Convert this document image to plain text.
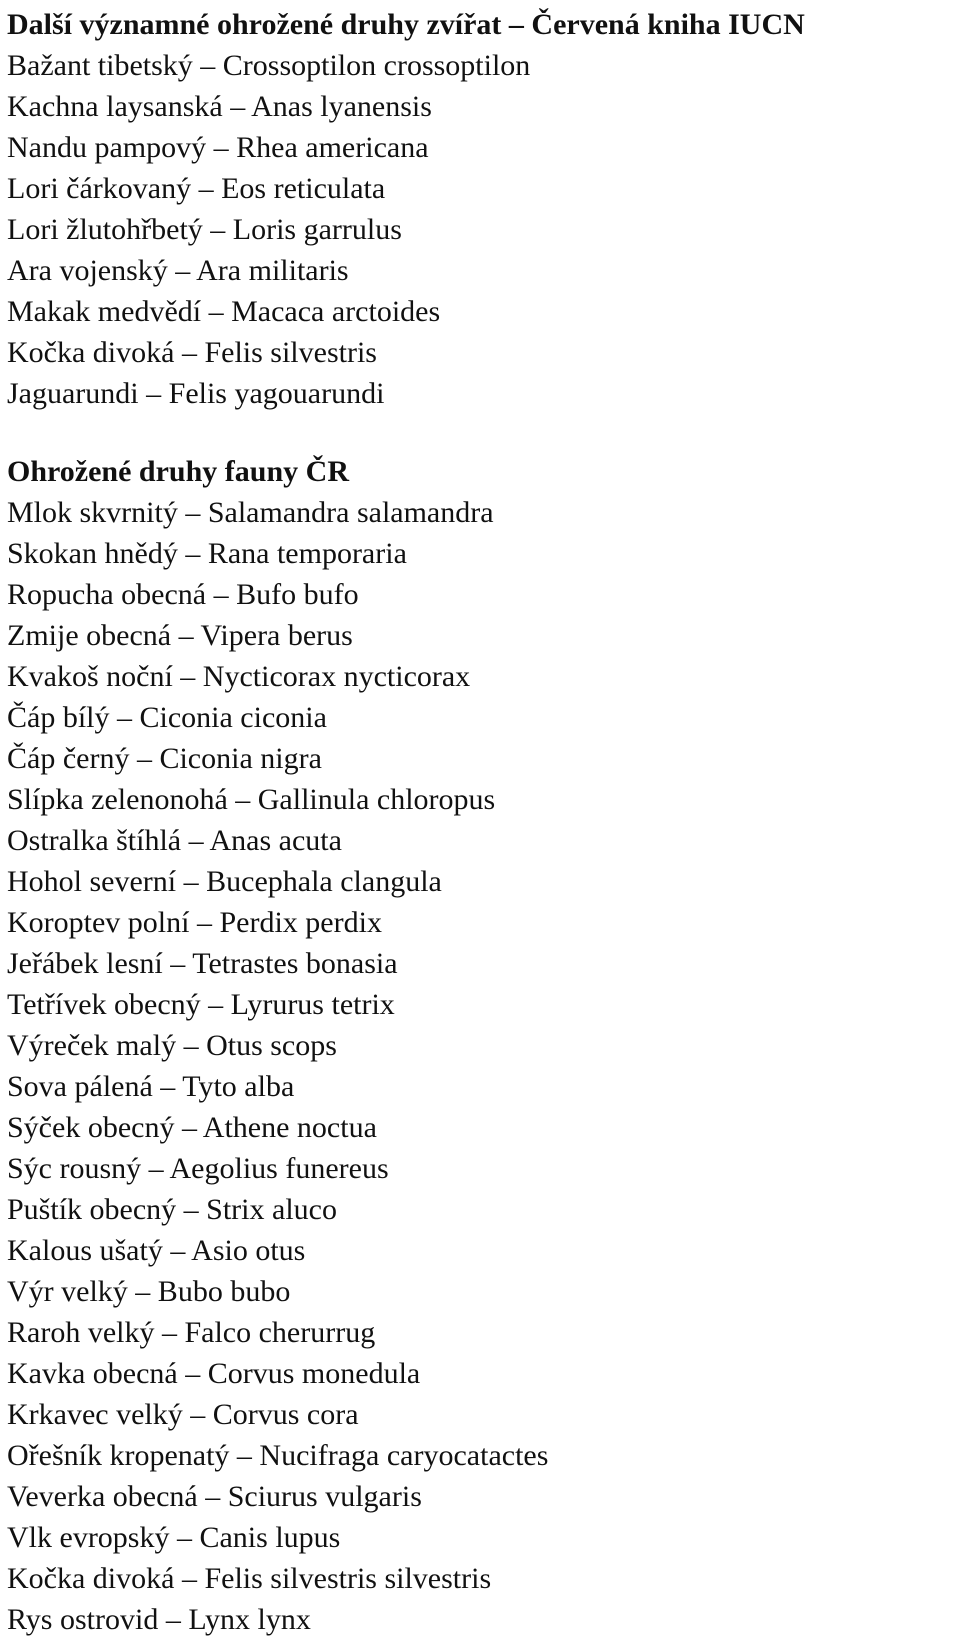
Další významné ohrožené druhy zvířat – Červená kniha IUCN
Bažant tibetský – Crossoptilon crossoptilon
Kachna laysanská – Anas lyanensis
Nandu pampový – Rhea americana
Lori čárkovaný – Eos reticulata
Lori žlutohřbetý – Loris garrulus
Ara vojenský – Ara militaris
Makak medvědí – Macaca arctoides
Kočka divoká – Felis silvestris
Jaguarundi – Felis yagouarundi
Ohrožené druhy fauny ČR
Mlok skvrnitý – Salamandra salamandra
Skokan hnědý – Rana temporaria
Ropucha obecná – Bufo bufo
Zmije obecná – Vipera berus
Kvakoš noční – Nycticorax nycticorax
Čáp bílý – Ciconia ciconia
Čáp černý – Ciconia nigra
Slípka zelenonohá – Gallinula chloropus
Ostralka štíhlá – Anas acuta
Hohol severní – Bucephala clangula
Koroptev polní – Perdix perdix
Jeřábek lesní – Tetrastes bonasia
Tetřívek obecný – Lyrurus tetrix
Výreček malý – Otus scops
Sova pálená – Tyto alba
Sýček obecný – Athene noctua
Sýc rousný – Aegolius funereus
Puštík obecný – Strix aluco
Kalous ušatý – Asio otus
Výr velký – Bubo bubo
Raroh velký – Falco cherurrug
Kavka obecná – Corvus monedula
Krkavec velký – Corvus cora
Ořešník kropenatý – Nucifraga caryocatactes
Veverka obecná – Sciurus vulgaris
Vlk evropský – Canis lupus
Kočka divoká – Felis silvestris silvestris
Rys ostrovid – Lynx lynx
